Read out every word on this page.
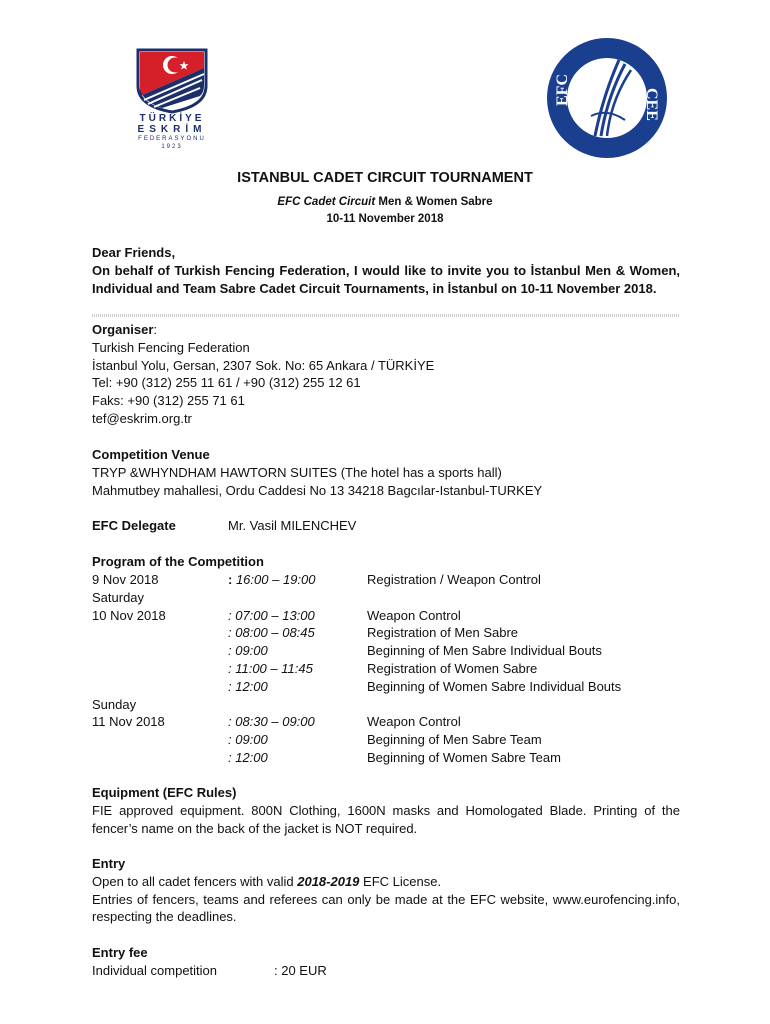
TÜRKİYE
ESKRİM
FEDERASYONU
1923
EFC	CEE
ISTANBUL CADET CIRCUIT TOURNAMENT
EFC Cadet Circuit Men & Women Sabre
10-11 November 2018
Dear Friends,
On behalf of Turkish Fencing Federation, I would like to invite you to İstanbul Men & Women, Individual and Team Sabre Cadet Circuit Tournaments, in İstanbul on 10-11 November 2018.
Organiser:
Turkish Fencing Federation
İstanbul Yolu, Gersan, 2307 Sok. No: 65 Ankara / TÜRKİYE
Tel: +90 (312) 255 11 61 / +90 (312) 255 12 61
Faks: +90 (312) 255 71 61
tef@eskrim.org.tr
Competition Venue
TRYP &WHYNDHAM HAWTORN SUITES (The hotel has a sports hall)
Mahmutbey mahallesi, Ordu Caddesi No 13 34218 Bagcılar-Istanbul-TURKEY
EFC Delegate	Mr. Vasil MILENCHEV
Program of the Competition
9 Nov 2018	: 16:00 – 19:00	Registration / Weapon Control
Saturday
10 Nov 2018	: 07:00 – 13:00	Weapon Control
: 08:00 – 08:45	Registration of Men Sabre
: 09:00	Beginning of Men Sabre Individual Bouts
: 11:00 – 11:45	Registration of Women Sabre
: 12:00	Beginning of Women Sabre Individual Bouts
Sunday
11 Nov 2018	: 08:30 – 09:00	Weapon Control
: 09:00	Beginning of Men Sabre Team
: 12:00	Beginning of Women Sabre Team
Equipment (EFC Rules)
FIE approved equipment. 800N Clothing, 1600N masks and Homologated Blade. Printing of the fencer’s name on the back of the jacket is NOT required.
Entry
Open to all cadet fencers with valid 2018-2019 EFC License.
Entries of fencers, teams and referees can only be made at the EFC website, www.eurofencing.info, respecting the deadlines.
Entry fee
Individual competition	: 20 EUR
